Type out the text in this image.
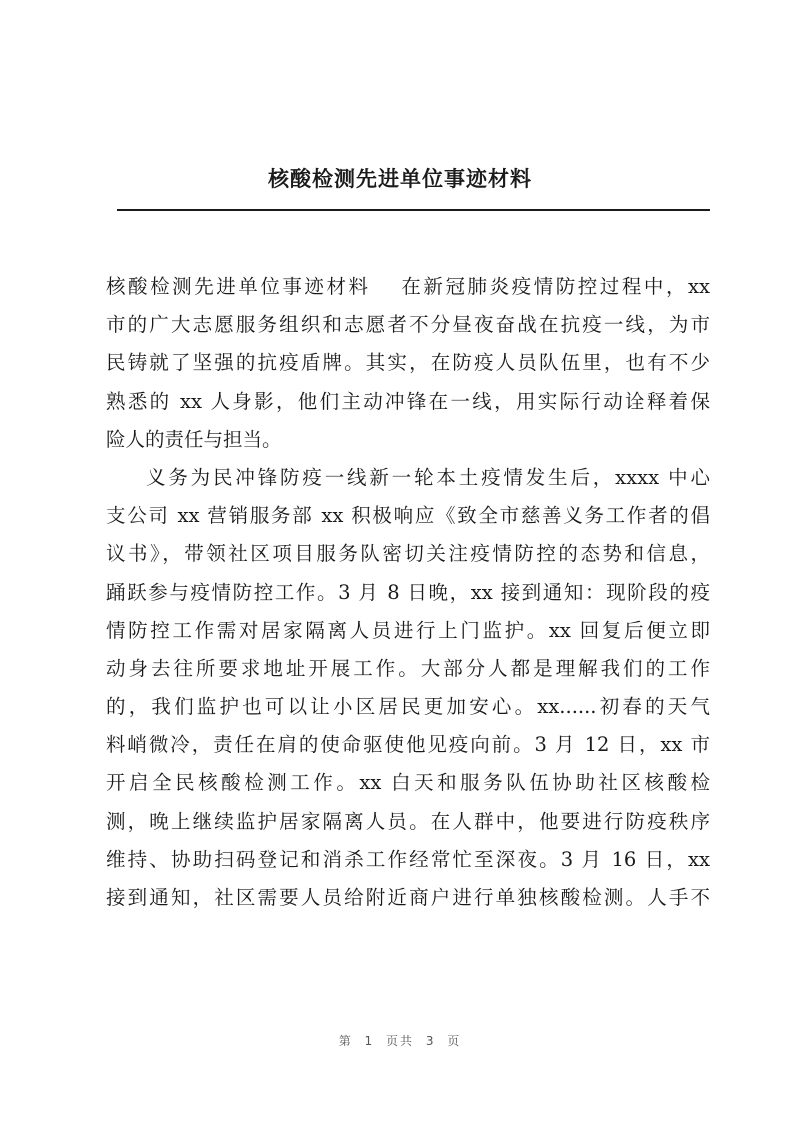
核酸检测先进单位事迹材料
核酸检测先进单位事迹材料　 在新冠肺炎疫情防控过程中，xx
市的广大志愿服务组织和志愿者不分昼夜奋战在抗疫一线，为市
民铸就了坚强的抗疫盾牌。其实，在防疫人员队伍里，也有不少
熟悉的 xx 人身影，他们主动冲锋在一线，用实际行动诠释着保
险人的责任与担当。
义务为民冲锋防疫一线新一轮本土疫情发生后，xxxx 中心
支公司 xx 营销服务部 xx 积极响应《致全市慈善义务工作者的倡
议书》，带领社区项目服务队密切关注疫情防控的态势和信息，
踊跃参与疫情防控工作。3 月 8 日晚，xx 接到通知：现阶段的疫
情防控工作需对居家隔离人员进行上门监护。xx 回复后便立即
动身去往所要求地址开展工作。大部分人都是理解我们的工作
的，我们监护也可以让小区居民更加安心。xx......初春的天气
料峭微冷，责任在肩的使命驱使他见疫向前。3 月 12 日，xx 市
开启全民核酸检测工作。xx 白天和服务队伍协助社区核酸检
测，晚上继续监护居家隔离人员。在人群中，他要进行防疫秩序
维持、协助扫码登记和消杀工作经常忙至深夜。3 月 16 日，xx
接到通知，社区需要人员给附近商户进行单独核酸检测。人手不
第 1 页共 3 页
